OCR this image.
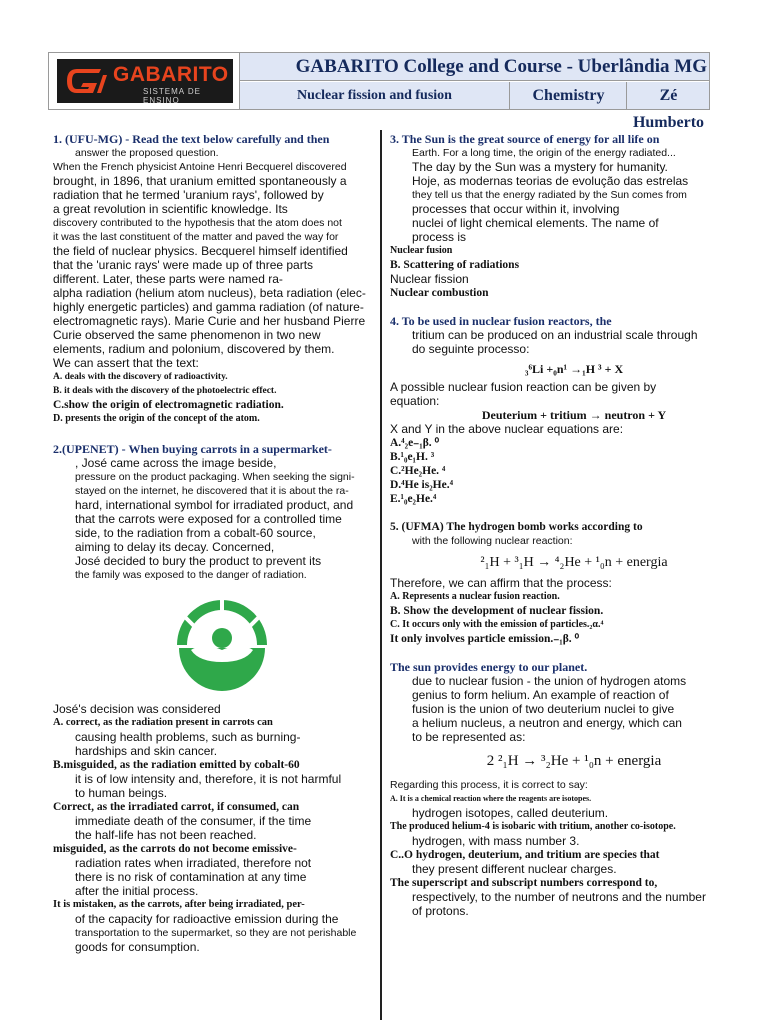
GABARITO
SISTEMA DE ENSINO
GABARITO College and Course - Uberlândia MG
Nuclear fission and fusion	Chemistry	Zé Humberto

1. (UFU-MG) - Read the text below carefully and then

answer the proposed question.

When the French physicist Antoine Henri Becquerel discovered

brought, in 1896, that uranium emitted spontaneously a

radiation that he termed 'uranium rays', followed by

a great revolution in scientific knowledge. Its

discovery contributed to the hypothesis that the atom does not

it was the last constituent of the matter and paved the way for

the field of nuclear physics. Becquerel himself identified

that the 'uranic rays' were made up of three parts

different. Later, these parts were named ra-

alpha radiation (helium atom nucleus), beta radiation (elec-

highly energetic particles) and gamma radiation (of nature-

electromagnetic rays). Marie Curie and her husband Pierre

Curie observed the same phenomenon in two new

elements, radium and polonium, discovered by them.

We can assert that the text:

A. deals with the discovery of radioactivity.

B. it deals with the discovery of the photoelectric effect.

C.show the origin of electromagnetic radiation.

D. presents the origin of the concept of the atom.

2.(UPENET) - When buying carrots in a supermarket-

, José came across the image beside,

pressure on the product packaging. When seeking the signi-

stayed on the internet, he discovered that it is about the ra-

hard, international symbol for irradiated product, and

that the carrots were exposed for a controlled time

side, to the radiation from a cobalt-60 source,

aiming to delay its decay. Concerned,

José decided to bury the product to prevent its

the family was exposed to the danger of radiation.

José's decision was considered

A. correct, as the radiation present in carrots can

causing health problems, such as burning-

hardships and skin cancer.

B.misguided, as the radiation emitted by cobalt-60

it is of low intensity and, therefore, it is not harmful

to human beings.

Correct, as the irradiated carrot, if consumed, can

immediate death of the consumer, if the time

the half-life has not been reached.

misguided, as the carrots do not become emissive-

radiation rates when irradiated, therefore not

there is no risk of contamination at any time

after the initial process.

It is mistaken, as the carrots, after being irradiated, per-

of the capacity for radioactive emission during the

transportation to the supermarket, so they are not perishable

goods for consumption.

3. The Sun is the great source of energy for all life on

Earth. For a long time, the origin of the energy radiated...

The day by the Sun was a mystery for humanity.

Hoje, as modernas teorias de evolução das estrelas

they tell us that the energy radiated by the Sun comes from

processes that occur within it, involving

nuclei of light chemical elements. The name of

process is

Nuclear fusion

B. Scattering of radiations

Nuclear fission

Nuclear combustion

4. To be used in nuclear fusion reactors, the

tritium can be produced on an industrial scale through

do seguinte processo:

₃⁶Li +₀n¹ →₁H ³ + X

A possible nuclear fusion reaction can be given by

equation:

Deuterium + tritium → neutron + Y

X and Y in the above nuclear equations are:

A.⁴₂e₋₁β. ⁰

B.¹₀e₁H. ³

C.²He₂He. ⁴

D.⁴He is₂He.⁴

E.¹₀e₂He.⁴

5. (UFMA) The hydrogen bomb works according to

with the following nuclear reaction:

²₁H + ³₁H → ⁴₂He + ¹₀n + energia

Therefore, we can affirm that the process:

A. Represents a nuclear fusion reaction.

B. Show the development of nuclear fission.

C. It occurs only with the emission of particles.₂α.⁴

It only involves particle emission.₋₁β. ⁰

The sun provides energy to our planet.

due to nuclear fusion - the union of hydrogen atoms

genius to form helium. An example of reaction of

fusion is the union of two deuterium nuclei to give

a helium nucleus, a neutron and energy, which can

to be represented as:

2 ²₁H → ³₂He + ¹₀n + energia

Regarding this process, it is correct to say:

A. It is a chemical reaction where the reagents are isotopes.

hydrogen isotopes, called deuterium.

The produced helium-4 is isobaric with tritium, another co-isotope.

hydrogen, with mass number 3.

C..O hydrogen, deuterium, and tritium are species that

they present different nuclear charges.

The superscript and subscript numbers correspond to,

respectively, to the number of neutrons and the number

of protons.
